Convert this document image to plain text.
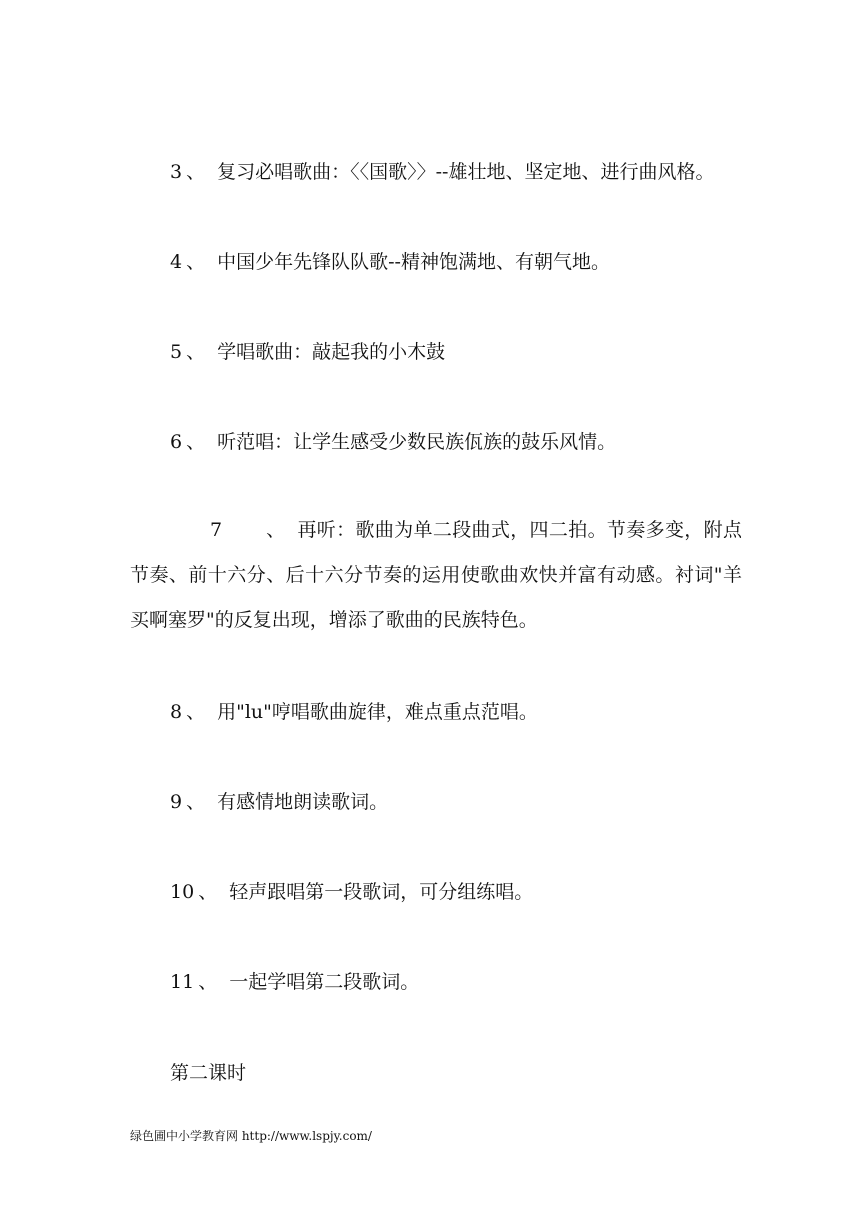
3 、 复习必唱歌曲：〈〈国歌〉〉--雄壮地、坚定地、进行曲风格。
4 、 中国少年先锋队队歌--精神饱满地、有朝气地。
5 、 学唱歌曲：敲起我的小木鼓
6 、 听范唱：让学生感受少数民族佤族的鼓乐风情。
7 、 再听：歌曲为单二段曲式，四二拍。节奏多变，附点节奏、前十六分、后十六分节奏的运用使歌曲欢快并富有动感。衬词"羊买啊塞罗"的反复出现，增添了歌曲的民族特色。
8 、 用"lu"哼唱歌曲旋律，难点重点范唱。
9 、 有感情地朗读歌词。
10 、 轻声跟唱第一段歌词，可分组练唱。
11 、 一起学唱第二段歌词。
第二课时
绿色圃中小学教育网 http://www.lspjy.com/
